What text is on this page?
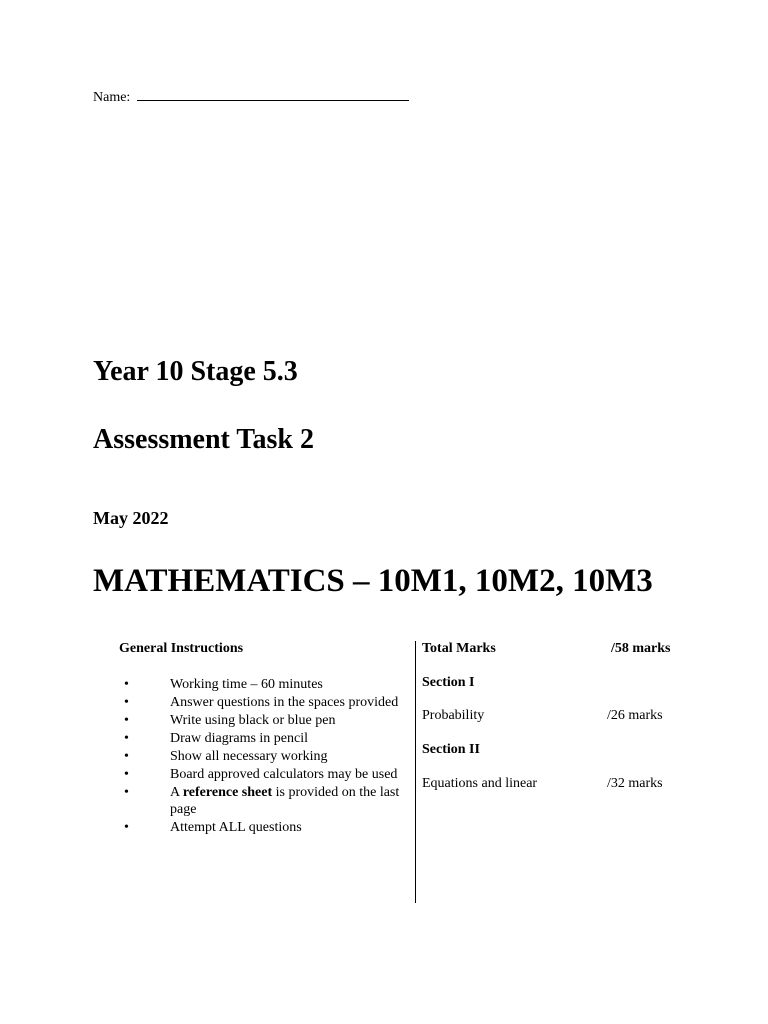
Name:
Year 10 Stage 5.3
Assessment Task 2
May 2022
MATHEMATICS – 10M1, 10M2, 10M3
General Instructions
•	Working time – 60 minutes
•	Answer questions in the spaces provided
•	Write using black or blue pen
•	Draw diagrams in pencil
•	Show all necessary working
•	Board approved calculators may be used
•	A reference sheet is provided on the last page
•	Attempt ALL questions
Total Marks	/58 marks
Section I
Probability	/26 marks
Section II
Equations and linear	/32 marks
